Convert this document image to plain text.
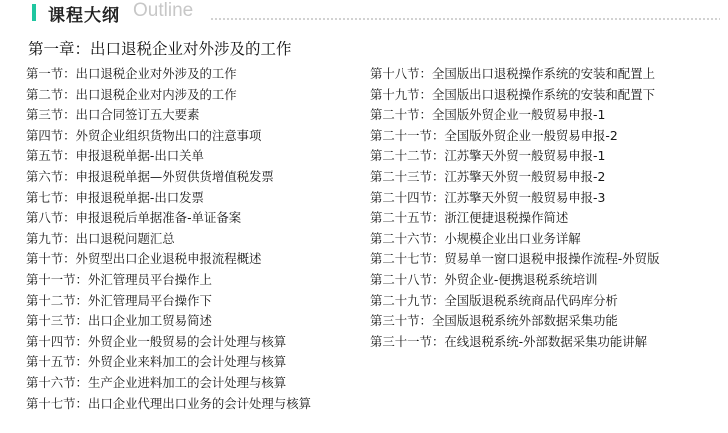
课程大纲 Outline
第一章：出口退税企业对外涉及的工作
第一节：出口退税企业对外涉及的工作
第二节：出口退税企业对内涉及的工作
第三节：出口合同签订五大要素
第四节：外贸企业组织货物出口的注意事项
第五节：申报退税单据-出口关单
第六节：申报退税单据—外贸供货增值税发票
第七节：申报退税单据-出口发票
第八节：申报退税后单据准备-单证备案
第九节：出口退税问题汇总
第十节：外贸型出口企业退税申报流程概述
第十一节：外汇管理员平台操作上
第十二节：外汇管理局平台操作下
第十三节：出口企业加工贸易简述
第十四节：外贸企业一般贸易的会计处理与核算
第十五节：外贸企业来料加工的会计处理与核算
第十六节：生产企业进料加工的会计处理与核算
第十七节：出口企业代理出口业务的会计处理与核算
第十八节：全国版出口退税操作系统的安装和配置上
第十九节：全国版出口退税操作系统的安装和配置下
第二十节：全国版外贸企业一般贸易申报-1
第二十一节：全国版外贸企业一般贸易申报-2
第二十二节：江苏擎天外贸一般贸易申报-1
第二十三节：江苏擎天外贸一般贸易申报-2
第二十四节：江苏擎天外贸一般贸易申报-3
第二十五节：浙江便捷退税操作简述
第二十六节：小规模企业出口业务详解
第二十七节：贸易单一窗口退税申报操作流程-外贸版
第二十八节：外贸企业-便携退税系统培训
第二十九节：全国版退税系统商品代码库分析
第三十节：全国版退税系统外部数据采集功能
第三十一节：在线退税系统-外部数据采集功能讲解
